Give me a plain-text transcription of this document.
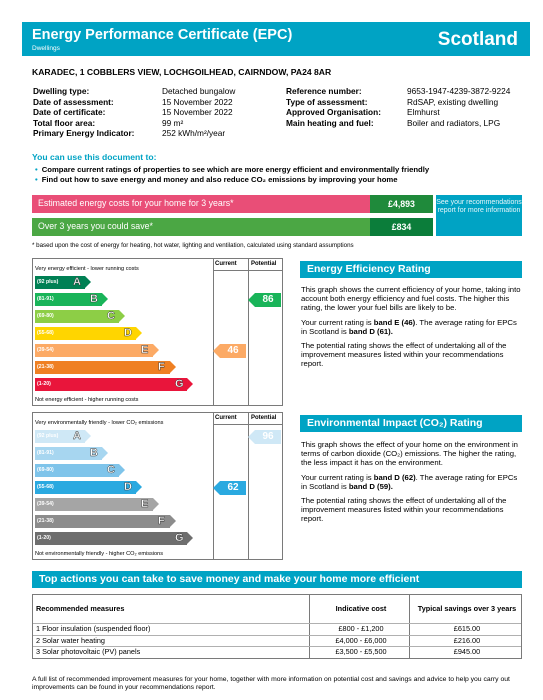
Energy Performance Certificate (EPC)
Dwellings	Scotland
KARADEC, 1 COBBLERS VIEW, LOCHGOILHEAD, CAIRNDOW, PA24 8AR
Dwelling type:	Detached bungalow
Date of assessment:	15 November 2022
Date of certificate:	15 November 2022
Total floor area:	99 m²
Primary Energy Indicator:	252 kWh/m²/year
Reference number:	9653-1947-4239-3872-9224
Type of assessment:	RdSAP, existing dwelling
Approved Organisation:	Elmhurst
Main heating and fuel:	Boiler and radiators, LPG
You can use this document to:
• Compare current ratings of properties to see which are more energy efficient and environmentally friendly
• Find out how to save energy and money and also reduce CO₂ emissions by improving your home
Estimated energy costs for your home for 3 years*	£4,893
Over 3 years you could save*	£834
See your recommendations report for more information
* based upon the cost of energy for heating, hot water, lighting and ventilation, calculated using standard assumptions
Current Potential
Very energy efficient - lower running costs
Not energy efficient - higher running costs
(92 plus) A
(81-91)	B
(69-80)	C
(55-68)	D
(39-54)	E
(21-38)	F
(1-20)	G
46
86
Current Potential
Very environmentally friendly - lower CO₂ emissions
Not environmentally friendly - higher CO₂ emissions
(92 plus) A
(81-91)	B
(69-80)	C
(55-68)	D
(39-54)	E
(21-38)	F
(1-20)	G
62
96
Energy Efficiency Rating

This graph shows the current efficiency of your home, taking into account both energy efficiency and fuel costs. The higher this rating, the lower your fuel bills are likely to be.

Your current rating is band E (46). The average rating for EPCs in Scotland is band D (61).

The potential rating shows the effect of undertaking all of the improvement measures listed within your recommendations report.

Environmental Impact (CO₂) Rating

This graph shows the effect of your home on the environment in terms of carbon dioxide (CO₂) emissions. The higher the rating, the less impact it has on the environment.

Your current rating is band D (62). The average rating for EPCs in Scotland is band D (59).

The potential rating shows the effect of undertaking all of the improvement measures listed within your recommendations report.

Top actions you can take to save money and make your home more efficient
Recommended measures	Indicative cost	Typical savings over 3 years
1 Floor insulation (suspended floor)	£800 - £1,200	£615.00
2 Solar water heating	£4,000 - £6,000	£216.00
3 Solar photovoltaic (PV) panels	£3,500 - £5,500	£945.00
A full list of recommended improvement measures for your home, together with more information on potential cost and savings and advice to help you carry out improvements can be found in your recommendations report.
